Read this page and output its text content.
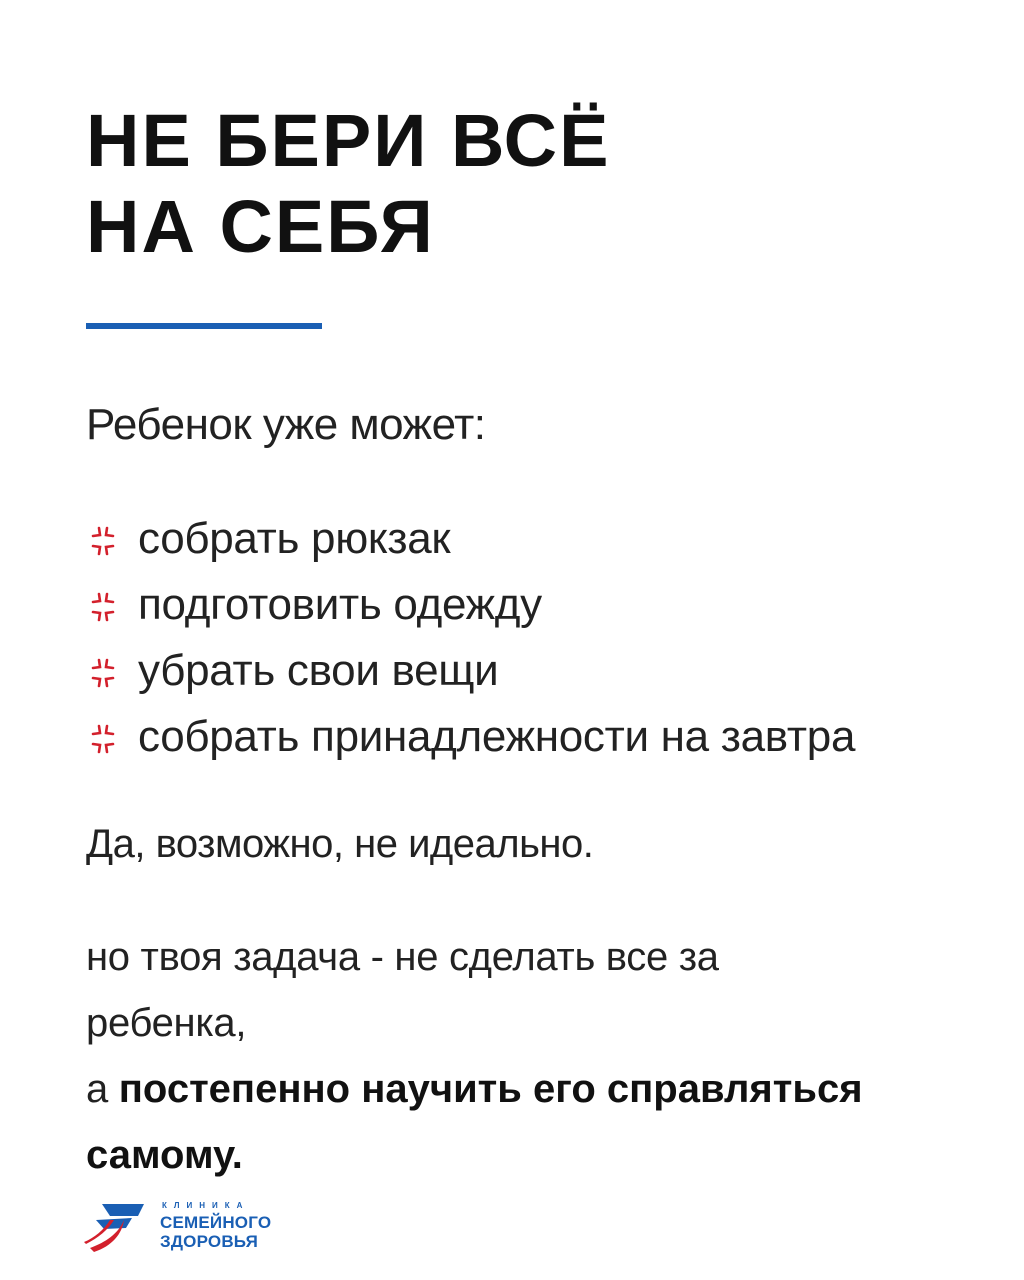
НЕ БЕРИ ВСЁ
НА СЕБЯ
Ребенок уже может:
собрать рюкзак
подготовить одежду
убрать свои вещи
собрать принадлежности на завтра
Да, возможно, не идеально.
но твоя задача - не сделать все за
ребенка,
а постепенно научить его справляться
самому.
КЛИНИКА
СЕМЕЙНОГО
ЗДОРОВЬЯ
